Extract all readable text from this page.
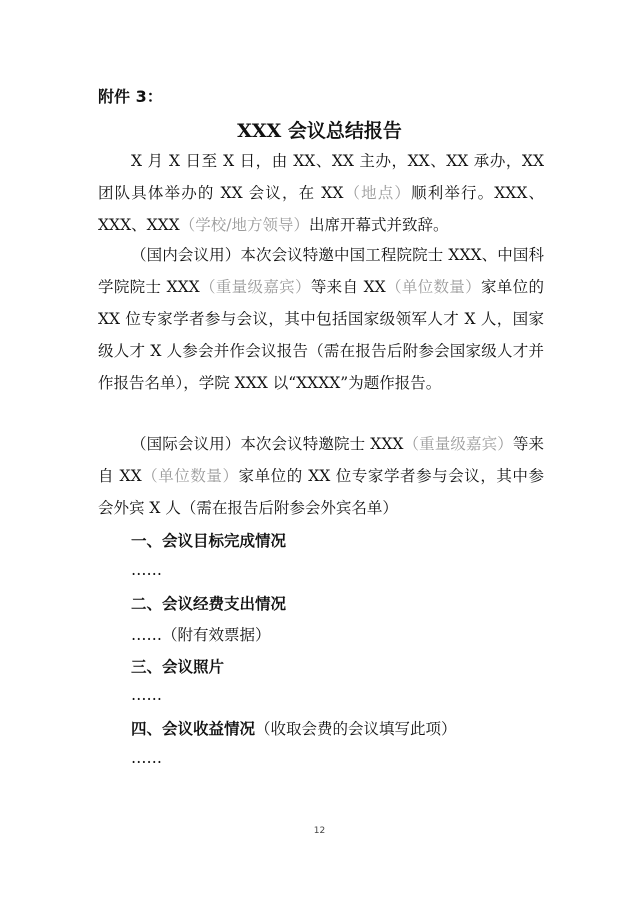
附件 3：
XXX 会议总结报告

X 月 X 日至 X 日，由 XX、XX 主办，XX、XX 承办，XX 团队具体举办的 XX 会议，在 XX（地点）顺利举行。XXX、XXX、XXX（学校/地方领导）出席开幕式并致辞。

（国内会议用）本次会议特邀中国工程院院士 XXX、中国科学院院士 XXX（重量级嘉宾）等来自 XX（单位数量）家单位的 XX 位专家学者参与会议，其中包括国家级领军人才 X 人，国家级人才 X 人参会并作会议报告（需在报告后附参会国家级人才并作报告名单），学院 XXX 以“XXXX”为题作报告。

（国际会议用）本次会议特邀院士 XXX（重量级嘉宾）等来自 XX（单位数量）家单位的 XX 位专家学者参与会议，其中参会外宾 X 人（需在报告后附参会外宾名单）

一、会议目标完成情况
……
二、会议经费支出情况
……（附有效票据）
三、会议照片
……
四、会议收益情况（收取会费的会议填写此项）
……
12
